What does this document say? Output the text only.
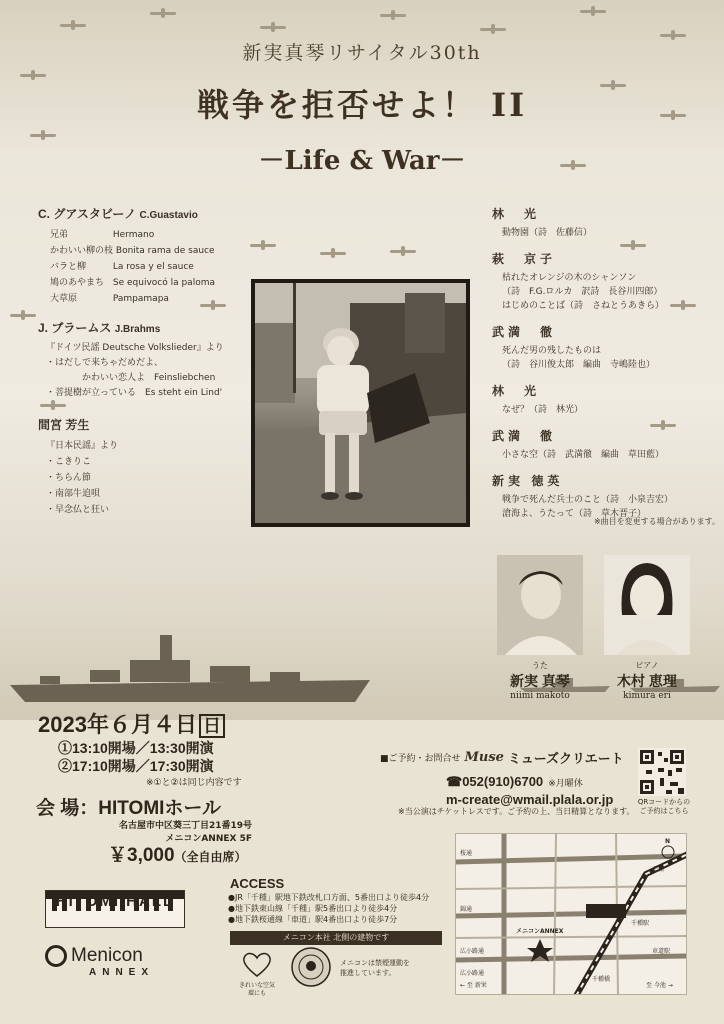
新実真琴リサイタル30th
戦争を拒否せよ！ II
－Life & War－
C. グアスタビーノ C.Guastavio
兄弟	Hermano
かわいい柳の枝 Bonita rama de sauce
バラと柳	La rosa y el sauce
鳩のあやまち Se equivocó la paloma
大草原	Pampamapa
J. ブラームス J.Brahms
『ドイツ民謡 Deutsche Volkslieder』より
・はだしで来ちゃだめだよ、
かわいい恋人よ　 Feinsliebchen
・菩提樹が立っている　 Es steht ein Lind'
間宮 芳生
『日本民謡』より
・こきりこ
・ちらん節
・南部牛追唄
・早念仏と狂い
林　光
動物園（詩　佐藤信）
萩　京子
枯れたオレンジの木のシャンソン
（詩　F.G.ロルカ　訳詩　長谷川四郎）
はじめのことば（詩　さねとうあきら）
武満　徹
死んだ男の残したものは
（詩　谷川俊太郎　編曲　寺嶋陸也）
林　光
なぜ？（詩　林光）
武満　徹
小さな空（詩　武満徹　編曲　草田藍）
新実 徳英
戦争で死んだ兵士のこと（詩　小泉吉宏）
滄海よ、うたって（詩　草木晋子）
※曲目を変更する場合があります。
うた
新実 真琴
niimi makoto
ピアノ
木村 恵理
kimura eri
2023年６月４日 日
①13:10開場／13:30開演
②17:10開場／17:30開演
※①と②は同じ内容です
会 場：HITOMIホール
名古屋市中区葵三丁目21番19号
メニコンANNEX 5F
￥3,000（全自由席）
■ご予約・お問合せ Muse ミューズクリエート
☎052(910)6700 ※月曜休
m-create@wmail.plala.or.jp
※当公演はチケットレスです。ご予約の上、当日精算となります。
QRコードからの
ご予約はこちら
HITOMI HALL
Menicon
ANNEX
ACCESS
●JR「千種」駅地下鉄改札口方面、5番出口より徒歩4分
●地下鉄東山線「千種」駅5番出口より徒歩4分
●地下鉄桜通線「車道」駅4番出口より徒歩7分
メニコン本社 北側の建物です
きれいな空気
環にも
メニコンは禁煙運動を
推進しています。
桜通
錦通
広小路通
メニコンANNEX
千種駅
千種
車道駅
千種橋
広小路通
← 至 新栄	至 今池 →
N
